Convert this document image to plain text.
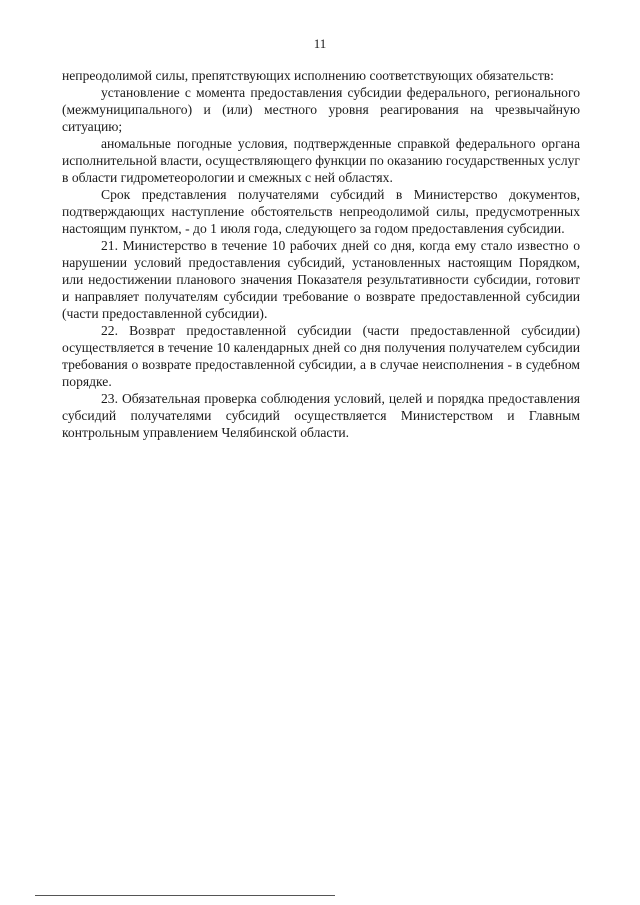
11

непреодолимой силы, препятствующих исполнению соответствующих обязательств:

установление с момента предоставления субсидии федерального, регионального (межмуниципального) и (или) местного уровня реагирования на чрезвычайную ситуацию;

аномальные погодные условия, подтвержденные справкой федерального органа исполнительной власти, осуществляющего функции по оказанию государственных услуг в области гидрометеорологии и смежных с ней областях.

Срок представления получателями субсидий в Министерство документов, подтверждающих наступление обстоятельств непреодолимой силы, предусмотренных настоящим пунктом, - до 1 июля года, следующего за годом предоставления субсидии.

21. Министерство в течение 10 рабочих дней со дня, когда ему стало известно о нарушении условий предоставления субсидий, установленных настоящим Порядком, или недостижении планового значения Показателя результативности субсидии, готовит и направляет получателям субсидии требование о возврате предоставленной субсидии (части предоставленной субсидии).

22. Возврат предоставленной субсидии (части предоставленной субсидии) осуществляется в течение 10 календарных дней со дня получения получателем субсидии требования о возврате предоставленной субсидии, а в случае неисполнения - в судебном порядке.

23. Обязательная проверка соблюдения условий, целей и порядка предоставления субсидий получателями субсидий осуществляется Министерством и Главным контрольным управлением Челябинской области.
